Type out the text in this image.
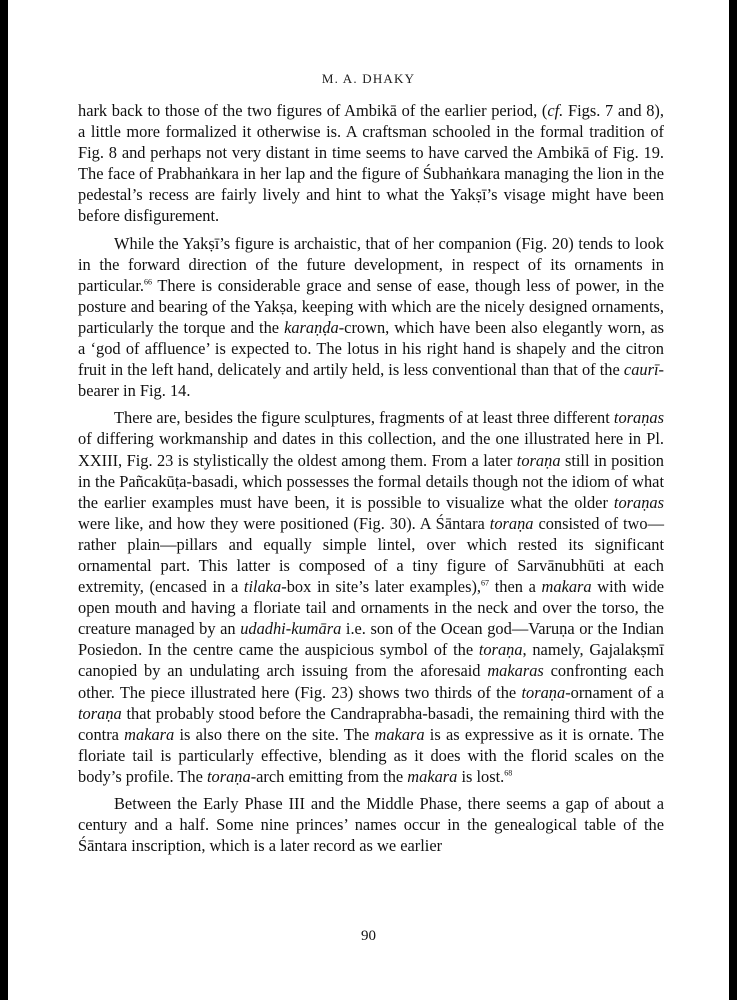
M. A. DHAKY

hark back to those of the two figures of Ambikā of the earlier period, (cf. Figs. 7 and 8), a little more formalized it otherwise is. A craftsman schooled in the formal tradition of Fig. 8 and perhaps not very distant in time seems to have carved the Ambikā of Fig. 19. The face of Prabhaṅkara in her lap and the figure of Śubhaṅkara managing the lion in the pedestal’s recess are fairly lively and hint to what the Yakṣī’s visage might have been before disfigurement.

While the Yakṣī’s figure is archaistic, that of her companion (Fig. 20) tends to look in the forward direction of the future development, in respect of its ornaments in particular.$^{66}$ There is considerable grace and sense of ease, though less of power, in the posture and bearing of the Yakṣa, keeping with which are the nicely designed ornaments, particularly the torque and the karaṇḍa-crown, which have been also elegantly worn, as a ‘god of affluence’ is expected to. The lotus in his right hand is shapely and the citron fruit in the left hand, delicately and artily held, is less conventional than that of the caurī-bearer in Fig. 14.

There are, besides the figure sculptures, fragments of at least three different toraṇas of differing workmanship and dates in this collection, and the one illustrated here in Pl. XXIII, Fig. 23 is stylistically the oldest among them. From a later toraṇa still in position in the Pañcakūṭa-basadi, which possesses the formal details though not the idiom of what the earlier examples must have been, it is possible to visualize what the older toraṇas were like, and how they were positioned (Fig. 30). A Śāntara toraṇa consisted of two—rather plain—pillars and equally simple lintel, over which rested its significant ornamental part. This latter is composed of a tiny figure of Sarvānubhūti at each extremity, (encased in a tilaka-box in site’s later examples),$^{67}$ then a makara with wide open mouth and having a floriate tail and ornaments in the neck and over the torso, the creature managed by an udadhi-kumāra i.e. son of the Ocean god—Varuṇa or the Indian Posiedon. In the centre came the auspicious symbol of the toraṇa, namely, Gajalakṣmī canopied by an undulating arch issuing from the aforesaid makaras confronting each other. The piece illustrated here (Fig. 23) shows two thirds of the toraṇa-ornament of a toraṇa that probably stood before the Candraprabha-basadi, the remaining third with the contra makara is also there on the site. The makara is as expressive as it is ornate. The floriate tail is particularly effective, blending as it does with the florid scales on the body’s profile. The toraṇa-arch emitting from the makara is lost.$^{68}$

Between the Early Phase III and the Middle Phase, there seems a gap of about a century and a half. Some nine princes’ names occur in the genealogical table of the Śāntara inscription, which is a later record as we earlier

90
